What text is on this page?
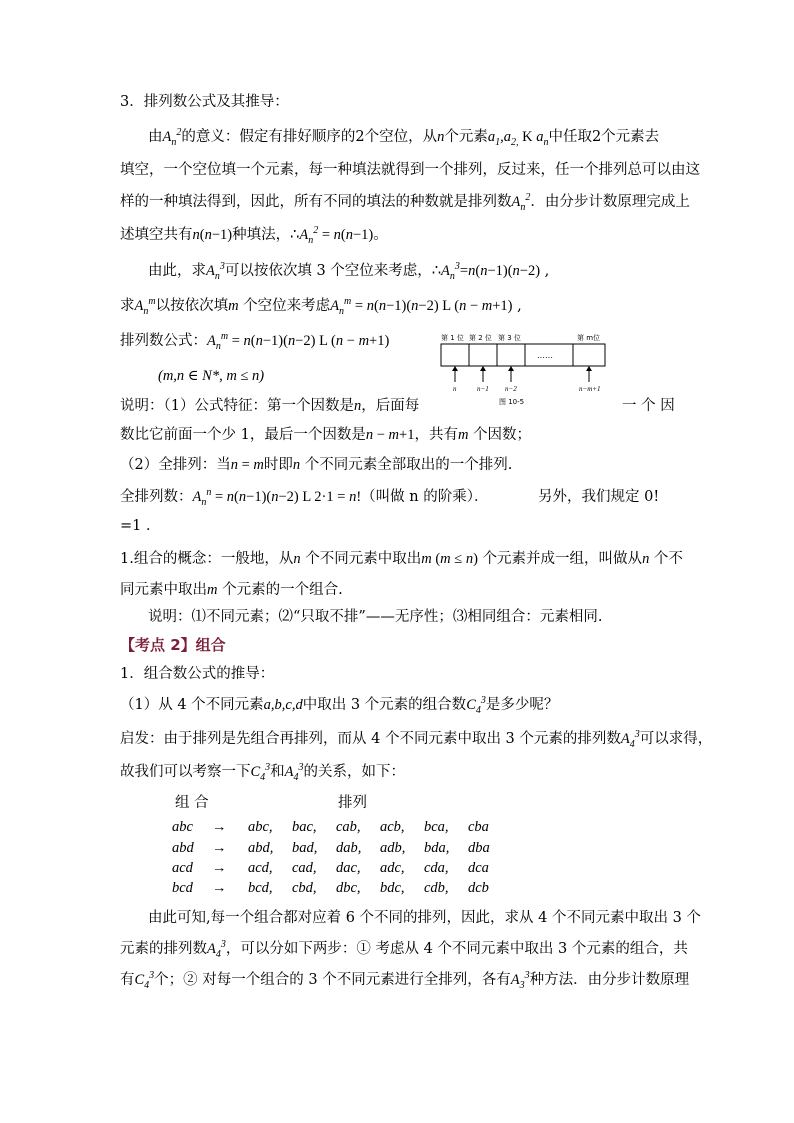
3．排列数公式及其推导：
由$A_n^2$的意义：假定有排好顺序的2个空位，从n个元素$a_1,a_{2,}$ K $a_n$中任取2个元素去
填空，一个空位填一个元素，每一种填法就得到一个排列，反过来，任一个排列总可以由这
样的一种填法得到，因此，所有不同的填法的种数就是排列数$A_n^2$．由分步计数原理完成上
述填空共有n(n−1)种填法，$\therefore A_n^2 = n(n-1)$。
由此，求$A_n^3$可以按依次填 3 个空位来考虑，$\therefore A_n^3=n(n-1)(n-2)$ ,
求$A_n^m$以按依次填m 个空位来考虑$A_n^m = n(n-1)(n-2)$ L (n − m+1) ,
排列数公式：$A_n^m = n(n-1)(n-2)$ L (n − m+1)
(m,n ∈ N*, m ≤ n)
第 1 位 第 2 位 第 3 位	第 m位
……
n	n−1 n−2	n−m+1
图 10-5
说明：（1）公式特征：第一个因数是n，后面每	一 个 因
数比它前面一个少 1，最后一个因数是n − m+1，共有m 个因数；
（2）全排列：当n = m时即n 个不同元素全部取出的一个排列.
全排列数：$A_n^n = n(n-1)(n-2)$ L 2·1 = n!（叫做 n 的阶乘）．	另外，我们规定 0!
=1 ．
1.组合的概念：一般地，从n 个不同元素中取出m (m ≤ n) 个元素并成一组，叫做从n 个不
同元素中取出m 个元素的一个组合.
说明：⑴不同元素；⑵“只取不排”——无序性；⑶相同组合：元素相同.
【考点 2】组合
1．组合数公式的推导：
（1）从 4 个不同元素a,b,c,d中取出 3 个元素的组合数$C_4^3$是多少呢？
启发：由于排列是先组合再排列，而从 4 个不同元素中取出 3 个元素的排列数$A_4^3$可以求得，
故我们可以考察一下$C_4^3$和$A_4^3$的关系，如下：
组 合	排列
abc → abc, bac, cab, acb, bca, cba
abd → abd, bad, dab, adb, bda, dba
acd → acd, cad, dac, adc, cda, dca
bcd → bcd, cbd, dbc, bdc, cdb, dcb
由此可知,每一个组合都对应着 6 个不同的排列，因此，求从 4 个不同元素中取出 3 个
元素的排列数$A_4^3$，可以分如下两步：① 考虑从 4 个不同元素中取出 3 个元素的组合，共
有$C_4^3$个；② 对每一个组合的 3 个不同元素进行全排列，各有$A_3^3$种方法．由分步计数原理
